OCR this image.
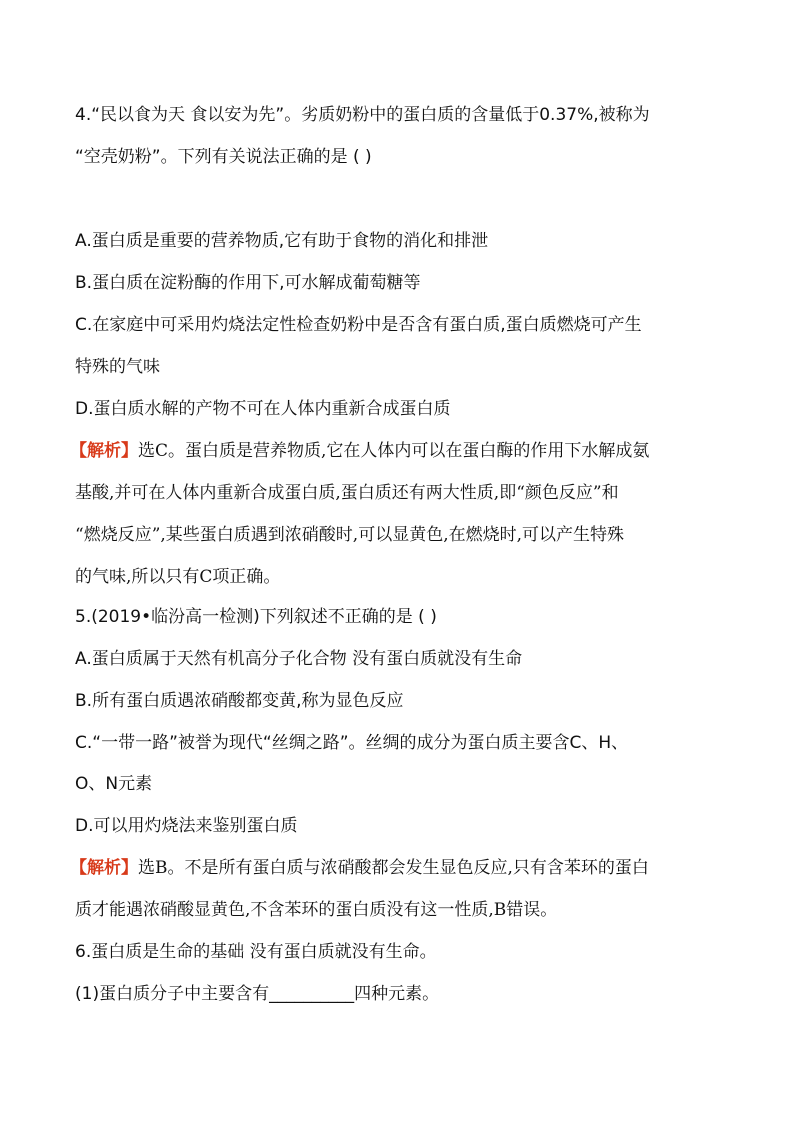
4.“民以食为天 食以安为先”。劣质奶粉中的蛋白质的含量低于0.37%,被称为
“空壳奶粉”。下列有关说法正确的是 ( )
A.蛋白质是重要的营养物质,它有助于食物的消化和排泄
B.蛋白质在淀粉酶的作用下,可水解成葡萄糖等
C.在家庭中可采用灼烧法定性检查奶粉中是否含有蛋白质,蛋白质燃烧可产生
特殊的气味
D.蛋白质水解的产物不可在人体内重新合成蛋白质
【解析】选C。蛋白质是营养物质,它在人体内可以在蛋白酶的作用下水解成氨
基酸,并可在人体内重新合成蛋白质,蛋白质还有两大性质,即“颜色反应”和
“燃烧反应”,某些蛋白质遇到浓硝酸时,可以显黄色,在燃烧时,可以产生特殊
的气味,所以只有C项正确。
5.(2019•临汾高一检测)下列叙述不正确的是 ( )
A.蛋白质属于天然有机高分子化合物 没有蛋白质就没有生命
B.所有蛋白质遇浓硝酸都变黄,称为显色反应
C.“一带一路”被誉为现代“丝绸之路”。丝绸的成分为蛋白质主要含C、H、
O、N元素
D.可以用灼烧法来鉴别蛋白质
【解析】选B。不是所有蛋白质与浓硝酸都会发生显色反应,只有含苯环的蛋白
质才能遇浓硝酸显黄色,不含苯环的蛋白质没有这一性质,B错误。
6.蛋白质是生命的基础 没有蛋白质就没有生命。
(1)蛋白质分子中主要含有__________四种元素。
